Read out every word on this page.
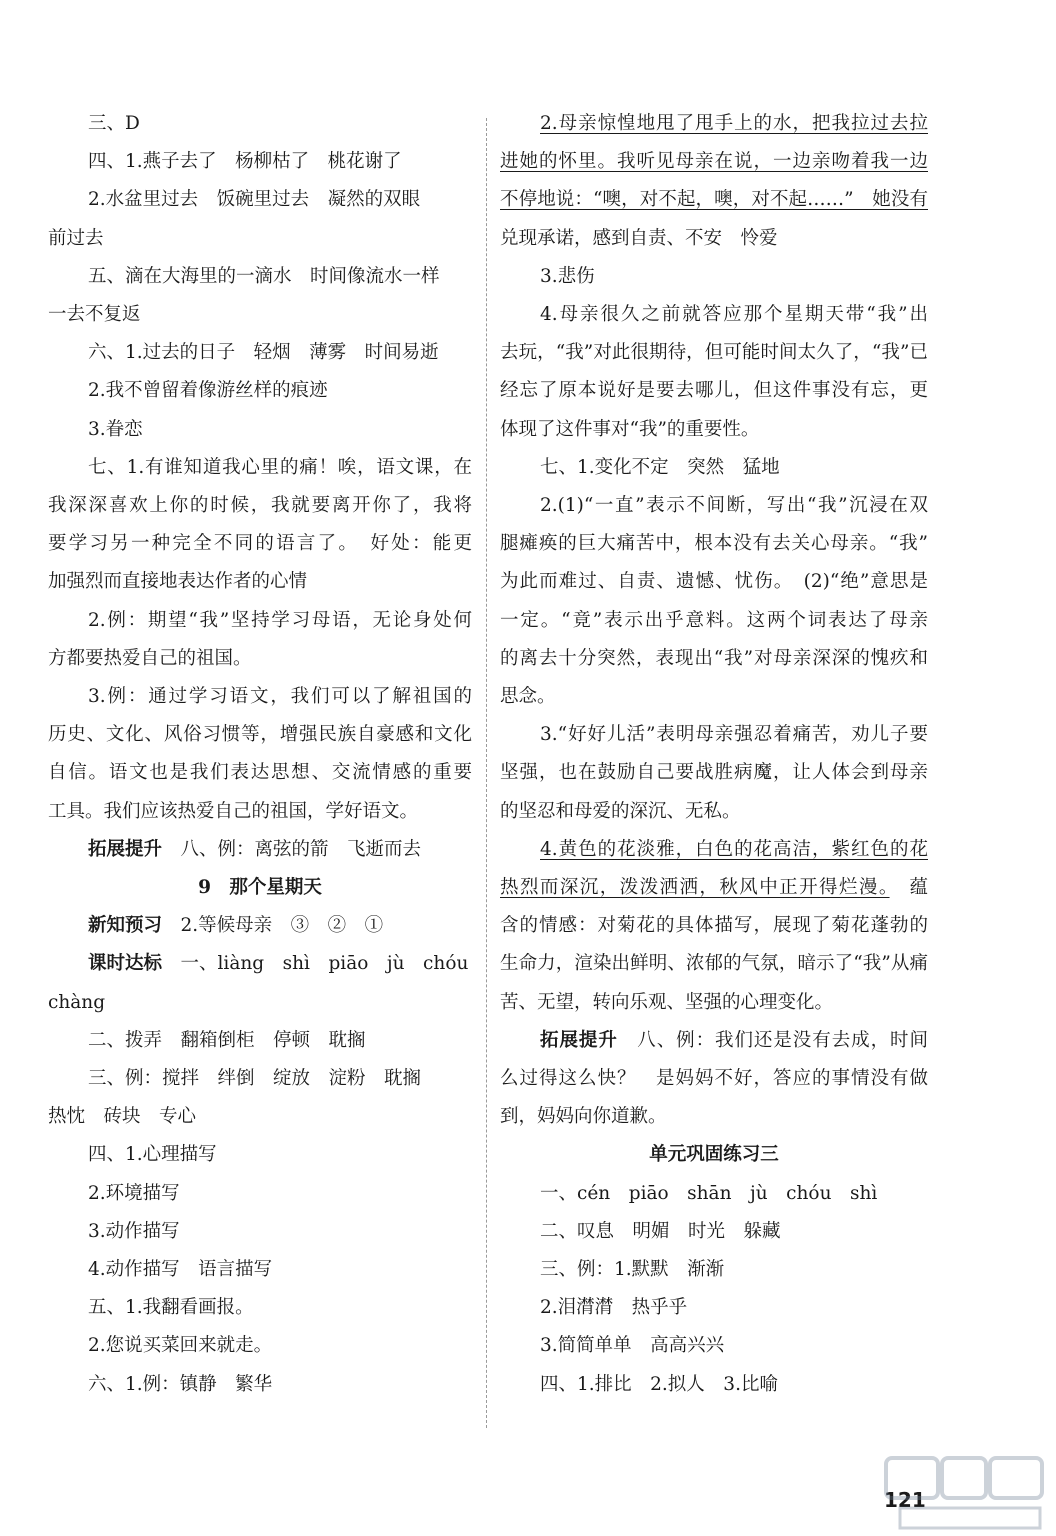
三、D
四、1.燕子去了　杨柳枯了　桃花谢了
2.水盆里过去　饭碗里过去　凝然的双眼
前过去
五、滴在大海里的一滴水　时间像流水一样
一去不复返
六、1.过去的日子　轻烟　薄雾　时间易逝
2.我不曾留着像游丝样的痕迹
3.眷恋
七、1.有谁知道我心里的痛！唉，语文课，在
我深深喜欢上你的时候，我就要离开你了，我将
要学习另一种完全不同的语言了。　好处：能更
加强烈而直接地表达作者的心情
2.例：期望“我”坚持学习母语，无论身处何
方都要热爱自己的祖国。
3.例：通过学习语文，我们可以了解祖国的
历史、文化、风俗习惯等，增强民族自豪感和文化
自信。语文也是我们表达思想、交流情感的重要
工具。我们应该热爱自己的祖国，学好语文。
拓展提升　八、例：离弦的箭　飞逝而去
9　那个星期天
新知预习　2.等候母亲　③　②　①
课时达标　一、liàng　shì　piāo　jù　chóu
chàng
二、拨弄　翻箱倒柜　停顿　耽搁
三、例：搅拌　绊倒　绽放　淀粉　耽搁
热忱　砖块　专心
四、1.心理描写
2.环境描写
3.动作描写
4.动作描写　语言描写
五、1.我翻看画报。
2.您说买菜回来就走。
六、1.例：镇静　繁华
2.母亲惊惶地甩了甩手上的水，把我拉过去拉
进她的怀里。我听见母亲在说，一边亲吻着我一边
不停地说：“噢，对不起，噢，对不起……”　她没有
兑现承诺，感到自责、不安　怜爱
3.悲伤
4.母亲很久之前就答应那个星期天带“我”出
去玩，“我”对此很期待，但可能时间太久了，“我”已
经忘了原本说好是要去哪儿，但这件事没有忘，更
体现了这件事对“我”的重要性。
七、1.变化不定　突然　猛地
2.(1)“一直”表示不间断，写出“我”沉浸在双
腿瘫痪的巨大痛苦中，根本没有去关心母亲。“我”
为此而难过、自责、遗憾、忧伤。　(2)“绝”意思是
一定。“竟”表示出乎意料。这两个词表达了母亲
的离去十分突然，表现出“我”对母亲深深的愧疚和
思念。
3.“好好儿活”表明母亲强忍着痛苦，劝儿子要
坚强，也在鼓励自己要战胜病魔，让人体会到母亲
的坚忍和母爱的深沉、无私。
4.黄色的花淡雅，白色的花高洁，紫红色的花
热烈而深沉，泼泼洒洒，秋风中正开得烂漫。　蕴
含的情感：对菊花的具体描写，展现了菊花蓬勃的
生命力，渲染出鲜明、浓郁的气氛，暗示了“我”从痛
苦、无望，转向乐观、坚强的心理变化。
拓展提升　八、例：我们还是没有去成，时间
么过得这么快？　是妈妈不好，答应的事情没有做
到，妈妈向你道歉。
单元巩固练习三
一、cén　piāo　shān　jù　chóu　shì
二、叹息　明媚　时光　躲藏
三、例：1.默默　渐渐
2.泪潸潸　热乎乎
3.简简单单　高高兴兴
四、1.排比　2.拟人　3.比喻
121
